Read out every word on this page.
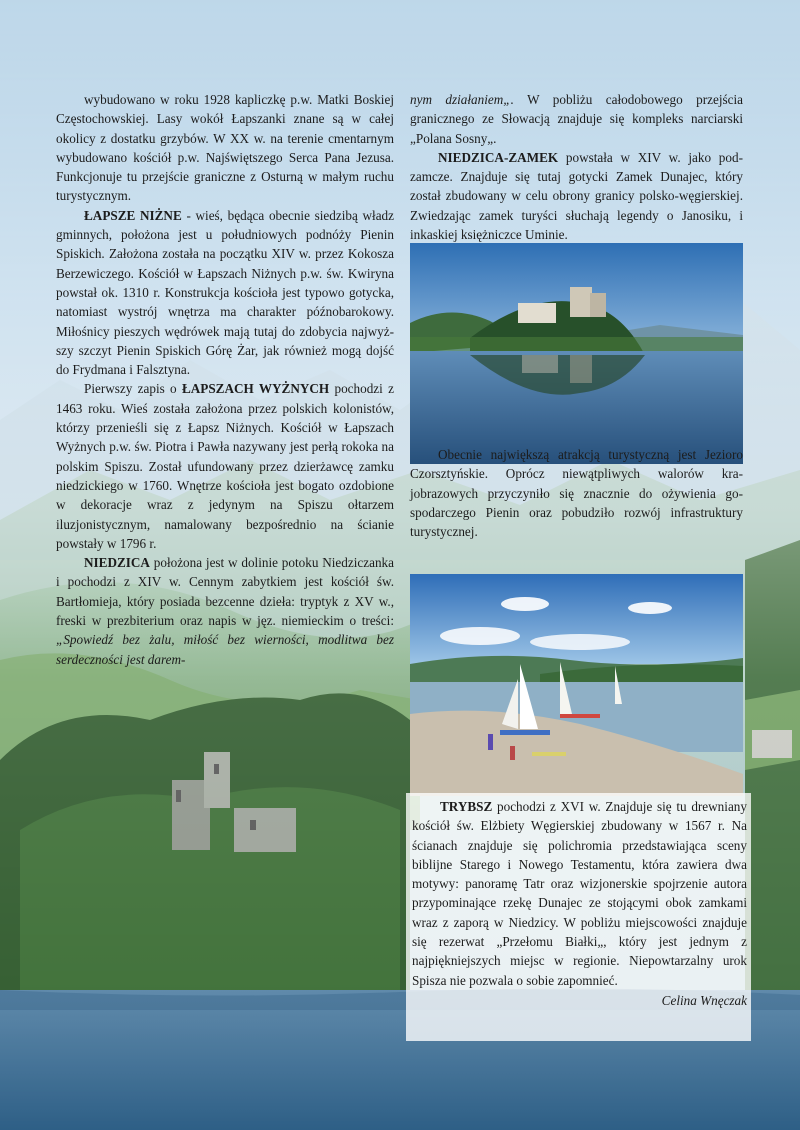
wybudowano w roku 1928 kapliczkę p.w. Matki Boskiej Częstochowskiej. Lasy wokół Łapszanki znane są w całej okolicy z dostatku grzybów. W XX w. na terenie cmentarnym wybudowano kościół p.w. Najświętszego Serca Pana Jezusa. Funkcjonuje tu przejście graniczne z Osturną w małym ruchu turystycznym.

ŁAPSZE NIŻNE - wieś, będąca obecnie siedzibą władz gminnych, położona jest u południowych podnóży Pienin Spiskich. Założona została na początku XIV w. przez Kokosza Berzewiczego. Kościół w Łapszach Niżnych p.w. św. Kwiryna powstał ok. 1310 r. Konstrukcja kościoła jest typowo gotycka, natomiast wystrój wnętrza ma charakter późnobarokowy. Miłośnicy pieszych wędrówek mają tutaj do zdobycia najwyższy szczyt Pienin Spiskich Górę Żar, jak również mogą dojść do Frydmana i Falsztyna.

Pierwszy zapis o ŁAPSZACH WYŻNYCH pochodzi z 1463 roku. Wieś została założona przez polskich kolonistów, którzy przenieśli się z Łapsz Niżnych. Kościół w Łapszach Wyżnych p.w. św. Piotra i Pawła nazywany jest perłą rokoka na polskim Spiszu. Został ufundowany przez dzierżawcę zamku niedzickiego w 1760. Wnętrze kościoła jest bogato ozdobione w dekoracje wraz z jedynym na Spiszu ołtarzem iluzjonistycznym, namalowany bezpośrednio na ścianie powstały w 1796 r.

NIEDZICA położona jest w dolinie potoku Niedziczanka i pochodzi z XIV w. Cennym zabytkiem jest kościół św. Bartłomieja, który posiada bezcenne dzieła: tryptyk z XV w., freski w prezbiterium oraz napis w jęz. niemieckim o treści: „Spowiedź bez żalu, miłość bez wierności, modlitwa bez serdeczności jest darem-

nym działaniem„. W pobliżu całodobowego przejścia granicznego ze Słowacją znajduje się kompleks narciarski „Polana Sosny„.

NIEDZICA-ZAMEK powstała w XIV w. jako podzamcze. Znajduje się tutaj gotycki Zamek Dunajec, który został zbudowany w celu obrony granicy polsko-węgierskiej. Zwiedzając zamek turyści słuchają legendy o Janosiku, i inkaskiej księżniczce Uminie.

Obecnie największą atrakcją turystyczną jest Jezioro Czorsztyńskie. Oprócz niewątpliwych walorów krajobrazowych przyczyniło się znacznie do ożywienia gospodarczego Pienin oraz pobudziło rozwój infrastruktury turystycznej.

TRYBSZ pochodzi z XVI w. Znajduje się tu drewniany kościół św. Elżbiety Węgierskiej zbudowany w 1567 r. Na ścianach znajduje się polichromia przedstawiająca sceny biblijne Starego i Nowego Testamentu, która zawiera dwa motywy: panoramę Tatr oraz wizjonerskie spojrzenie autora przypominające rzekę Dunajec ze stojącymi obok zamkami wraz z zaporą w Niedzicy. W pobliżu miejscowości znajduje się rezerwat „Przełomu Białki„, który jest jednym z najpiękniejszych miejsc w regionie. Niepowtarzalny urok Spisza nie pozwala o sobie zapomnieć.

Celina Wnęczak
